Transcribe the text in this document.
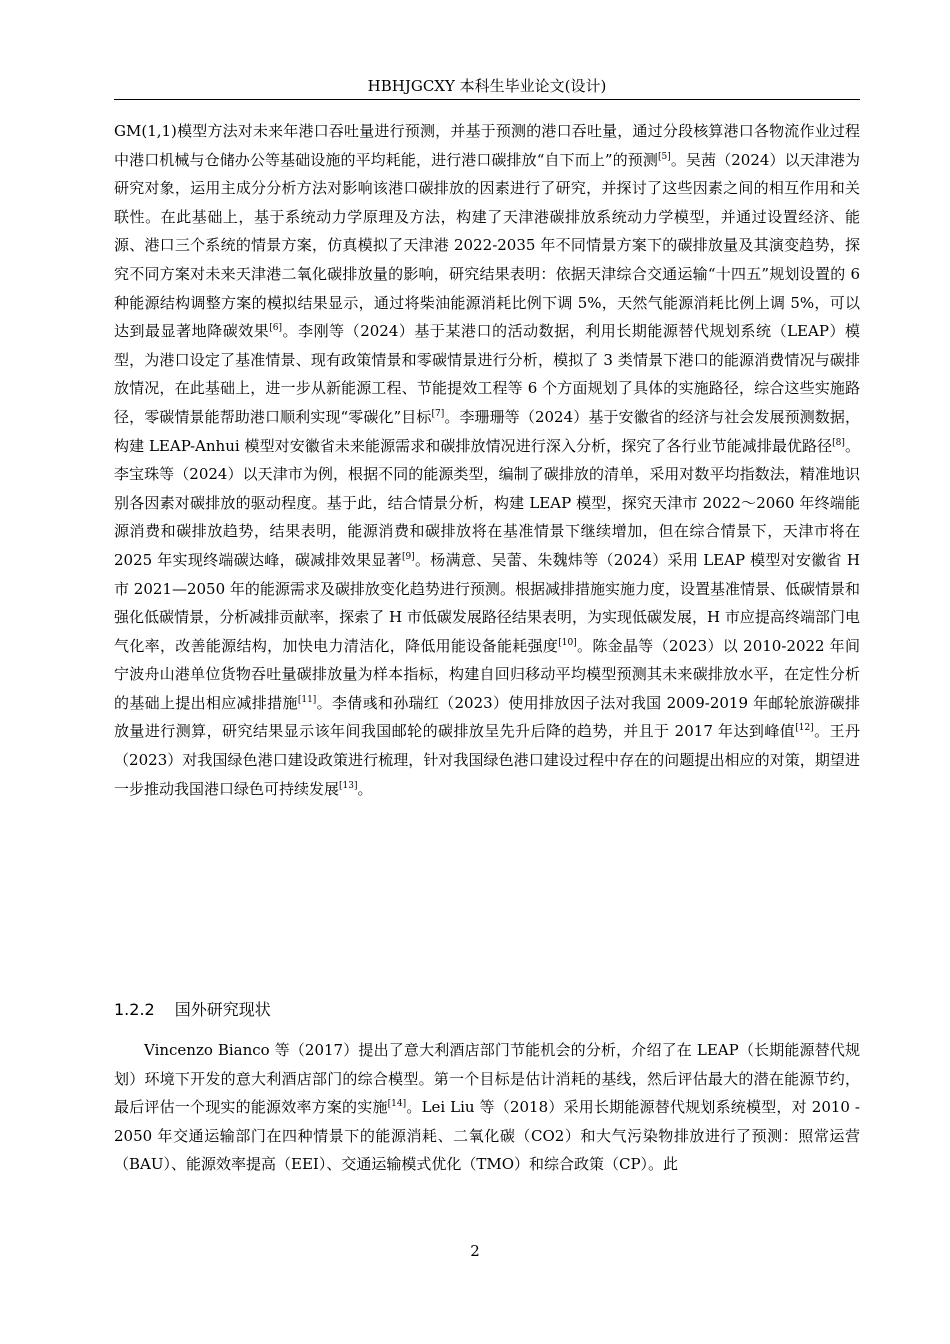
HBHJGCXY 本科生毕业论文(设计)

GM(1,1)模型方法对未来年港口吞吐量进行预测，并基于预测的港口吞吐量，通过分段核算港口各物流作业过程中港口机械与仓储办公等基础设施的平均耗能，进行港口碳排放“自下而上”的预测[5]。吴茜（2024）以天津港为研究对象，运用主成分分析方法对影响该港口碳排放的因素进行了研究，并探讨了这些因素之间的相互作用和关联性。在此基础上，基于系统动力学原理及方法，构建了天津港碳排放系统动力学模型，并通过设置经济、能源、港口三个系统的情景方案，仿真模拟了天津港 2022-2035 年不同情景方案下的碳排放量及其演变趋势，探究不同方案对未来天津港二氧化碳排放量的影响，研究结果表明：依据天津综合交通运输“十四五”规划设置的 6 种能源结构调整方案的模拟结果显示，通过将柴油能源消耗比例下调 5%，天然气能源消耗比例上调 5%，可以达到最显著地降碳效果[6]。李刚等（2024）基于某港口的活动数据，利用长期能源替代规划系统（LEAP）模型，为港口设定了基准情景、现有政策情景和零碳情景进行分析，模拟了 3 类情景下港口的能源消费情况与碳排放情况，在此基础上，进一步从新能源工程、节能提效工程等 6 个方面规划了具体的实施路径，综合这些实施路径，零碳情景能帮助港口顺利实现“零碳化”目标[7]。李珊珊等（2024）基于安徽省的经济与社会发展预测数据，构建 LEAP-Anhui 模型对安徽省未来能源需求和碳排放情况进行深入分析，探究了各行业节能减排最优路径[8]。李宝珠等（2024）以天津市为例，根据不同的能源类型，编制了碳排放的清单，采用对数平均指数法，精准地识别各因素对碳排放的驱动程度。基于此，结合情景分析，构建 LEAP 模型，探究天津市 2022～2060 年终端能源消费和碳排放趋势，结果表明，能源消费和碳排放将在基准情景下继续增加，但在综合情景下，天津市将在 2025 年实现终端碳达峰，碳减排效果显著[9]。杨满意、吴蕾、朱魏炜等（2024）采用 LEAP 模型对安徽省 H 市 2021—2050 年的能源需求及碳排放变化趋势进行预测。根据减排措施实施力度，设置基准情景、低碳情景和强化低碳情景，分析减排贡献率，探索了 H 市低碳发展路径结果表明，为实现低碳发展，H 市应提高终端部门电气化率，改善能源结构，加快电力清洁化，降低用能设备能耗强度[10]。陈金晶等（2023）以 2010-2022 年间宁波舟山港单位货物吞吐量碳排放量为样本指标，构建自回归移动平均模型预测其未来碳排放水平，在定性分析的基础上提出相应减排措施[11]。李倩彧和孙瑞红（2023）使用排放因子法对我国 2009-2019 年邮轮旅游碳排放量进行测算，研究结果显示该年间我国邮轮的碳排放呈先升后降的趋势，并且于 2017 年达到峰值[12]。王丹（2023）对我国绿色港口建设政策进行梳理，针对我国绿色港口建设过程中存在的问题提出相应的对策，期望进一步推动我国港口绿色可持续发展[13]。

1.2.2 国外研究现状

Vincenzo Bianco 等（2017）提出了意大利酒店部门节能机会的分析，介绍了在 LEAP（长期能源替代规划）环境下开发的意大利酒店部门的综合模型。第一个目标是估计消耗的基线，然后评估最大的潜在能源节约，最后评估一个现实的能源效率方案的实施[14]。Lei Liu 等（2018）采用长期能源替代规划系统模型，对 2010 - 2050 年交通运输部门在四种情景下的能源消耗、二氧化碳（CO2）和大气污染物排放进行了预测：照常运营（BAU）、能源效率提高（EEI）、交通运输模式优化（TMO）和综合政策（CP）。此

2
